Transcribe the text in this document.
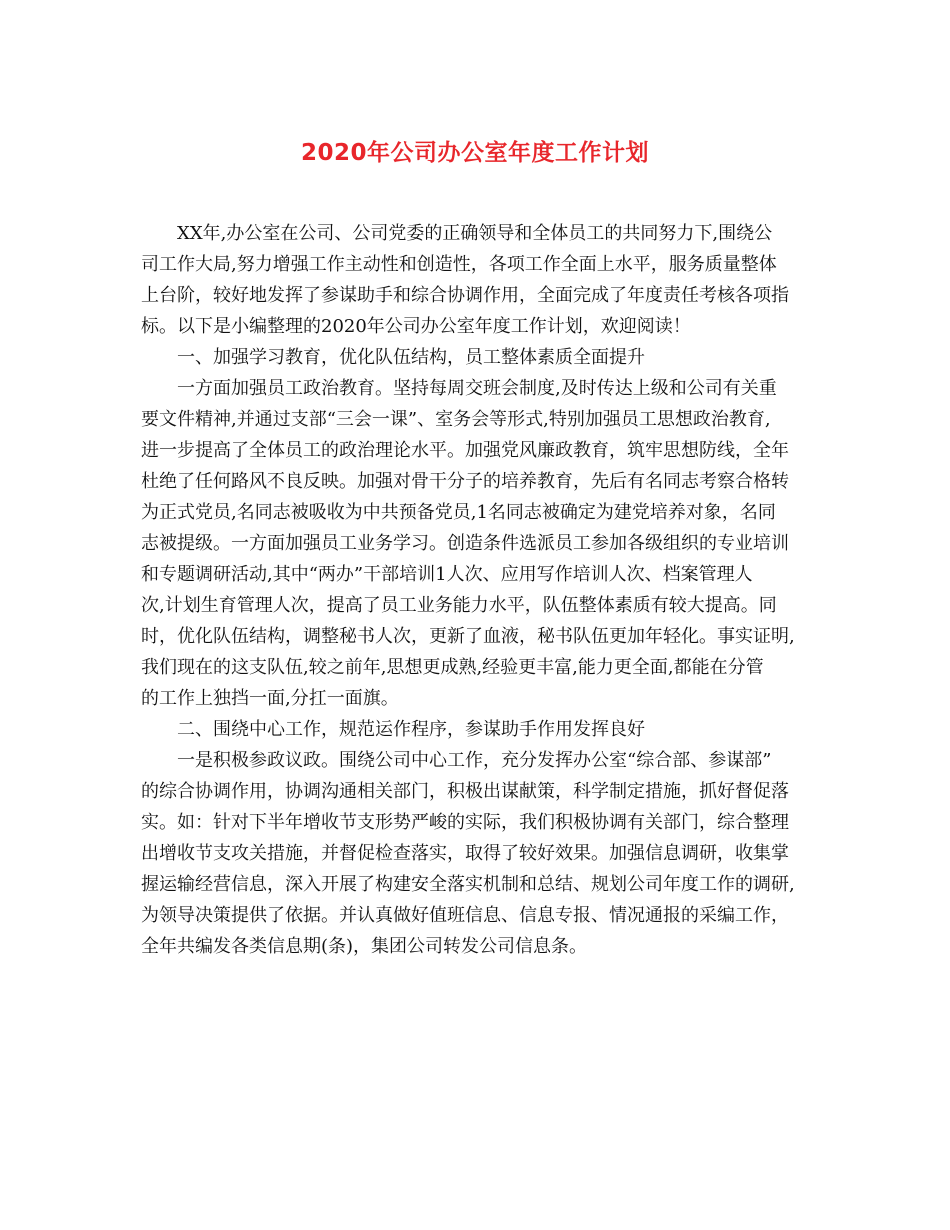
2020年公司办公室年度工作计划
XX年,办公室在公司、公司党委的正确领导和全体员工的共同努力下,围绕公
司工作大局,努力增强工作主动性和创造性，各项工作全面上水平，服务质量整体
上台阶，较好地发挥了参谋助手和综合协调作用，全面完成了年度责任考核各项指
标。以下是小编整理的2020年公司办公室年度工作计划，欢迎阅读！
一、加强学习教育，优化队伍结构，员工整体素质全面提升
一方面加强员工政治教育。坚持每周交班会制度,及时传达上级和公司有关重
要文件精神,并通过支部“三会一课”、室务会等形式,特别加强员工思想政治教育,
进一步提高了全体员工的政治理论水平。加强党风廉政教育，筑牢思想防线，全年
杜绝了任何路风不良反映。加强对骨干分子的培养教育，先后有名同志考察合格转
为正式党员,名同志被吸收为中共预备党员,1名同志被确定为建党培养对象，名同
志被提级。一方面加强员工业务学习。创造条件选派员工参加各级组织的专业培训
和专题调研活动,其中“两办”干部培训1人次、应用写作培训人次、档案管理人
次,计划生育管理人次，提高了员工业务能力水平，队伍整体素质有较大提高。同
时，优化队伍结构，调整秘书人次，更新了血液，秘书队伍更加年轻化。事实证明,
我们现在的这支队伍,较之前年,思想更成熟,经验更丰富,能力更全面,都能在分管
的工作上独挡一面,分扛一面旗。
二、围绕中心工作，规范运作程序，参谋助手作用发挥良好
一是积极参政议政。围绕公司中心工作，充分发挥办公室“综合部、参谋部”
的综合协调作用，协调沟通相关部门，积极出谋献策，科学制定措施，抓好督促落
实。如：针对下半年增收节支形势严峻的实际，我们积极协调有关部门，综合整理
出增收节支攻关措施，并督促检查落实，取得了较好效果。加强信息调研，收集掌
握运输经营信息，深入开展了构建安全落实机制和总结、规划公司年度工作的调研,
为领导决策提供了依据。并认真做好值班信息、信息专报、情况通报的采编工作，
全年共编发各类信息期(条)，集团公司转发公司信息条。
